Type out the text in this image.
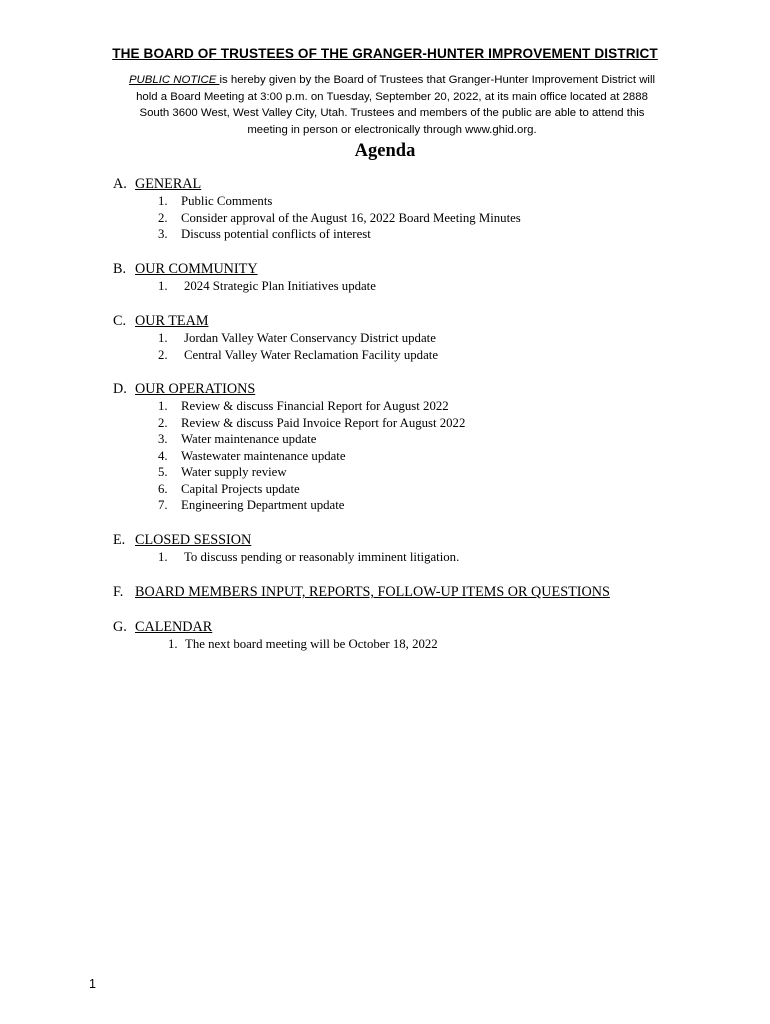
THE BOARD OF TRUSTEES OF THE GRANGER-HUNTER IMPROVEMENT DISTRICT
PUBLIC NOTICE is hereby given by the Board of Trustees that Granger-Hunter Improvement District will
hold a Board Meeting at 3:00 p.m. on Tuesday, September 20, 2022, at its main office located at 2888
South 3600 West, West Valley City, Utah. Trustees and members of the public are able to attend this
meeting in person or electronically through www.ghid.org.
Agenda
A. GENERAL
1. Public Comments
2. Consider approval of the August 16, 2022 Board Meeting Minutes
3. Discuss potential conflicts of interest
B. OUR COMMUNITY
1. 2024 Strategic Plan Initiatives update
C. OUR TEAM
1. Jordan Valley Water Conservancy District update
2. Central Valley Water Reclamation Facility update
D. OUR OPERATIONS
1. Review & discuss Financial Report for August 2022
2. Review & discuss Paid Invoice Report for August 2022
3. Water maintenance update
4. Wastewater maintenance update
5. Water supply review
6. Capital Projects update
7. Engineering Department update
E. CLOSED SESSION
1. To discuss pending or reasonably imminent litigation.
F. BOARD MEMBERS INPUT, REPORTS, FOLLOW-UP ITEMS OR QUESTIONS
G. CALENDAR
1. The next board meeting will be October 18, 2022
1
